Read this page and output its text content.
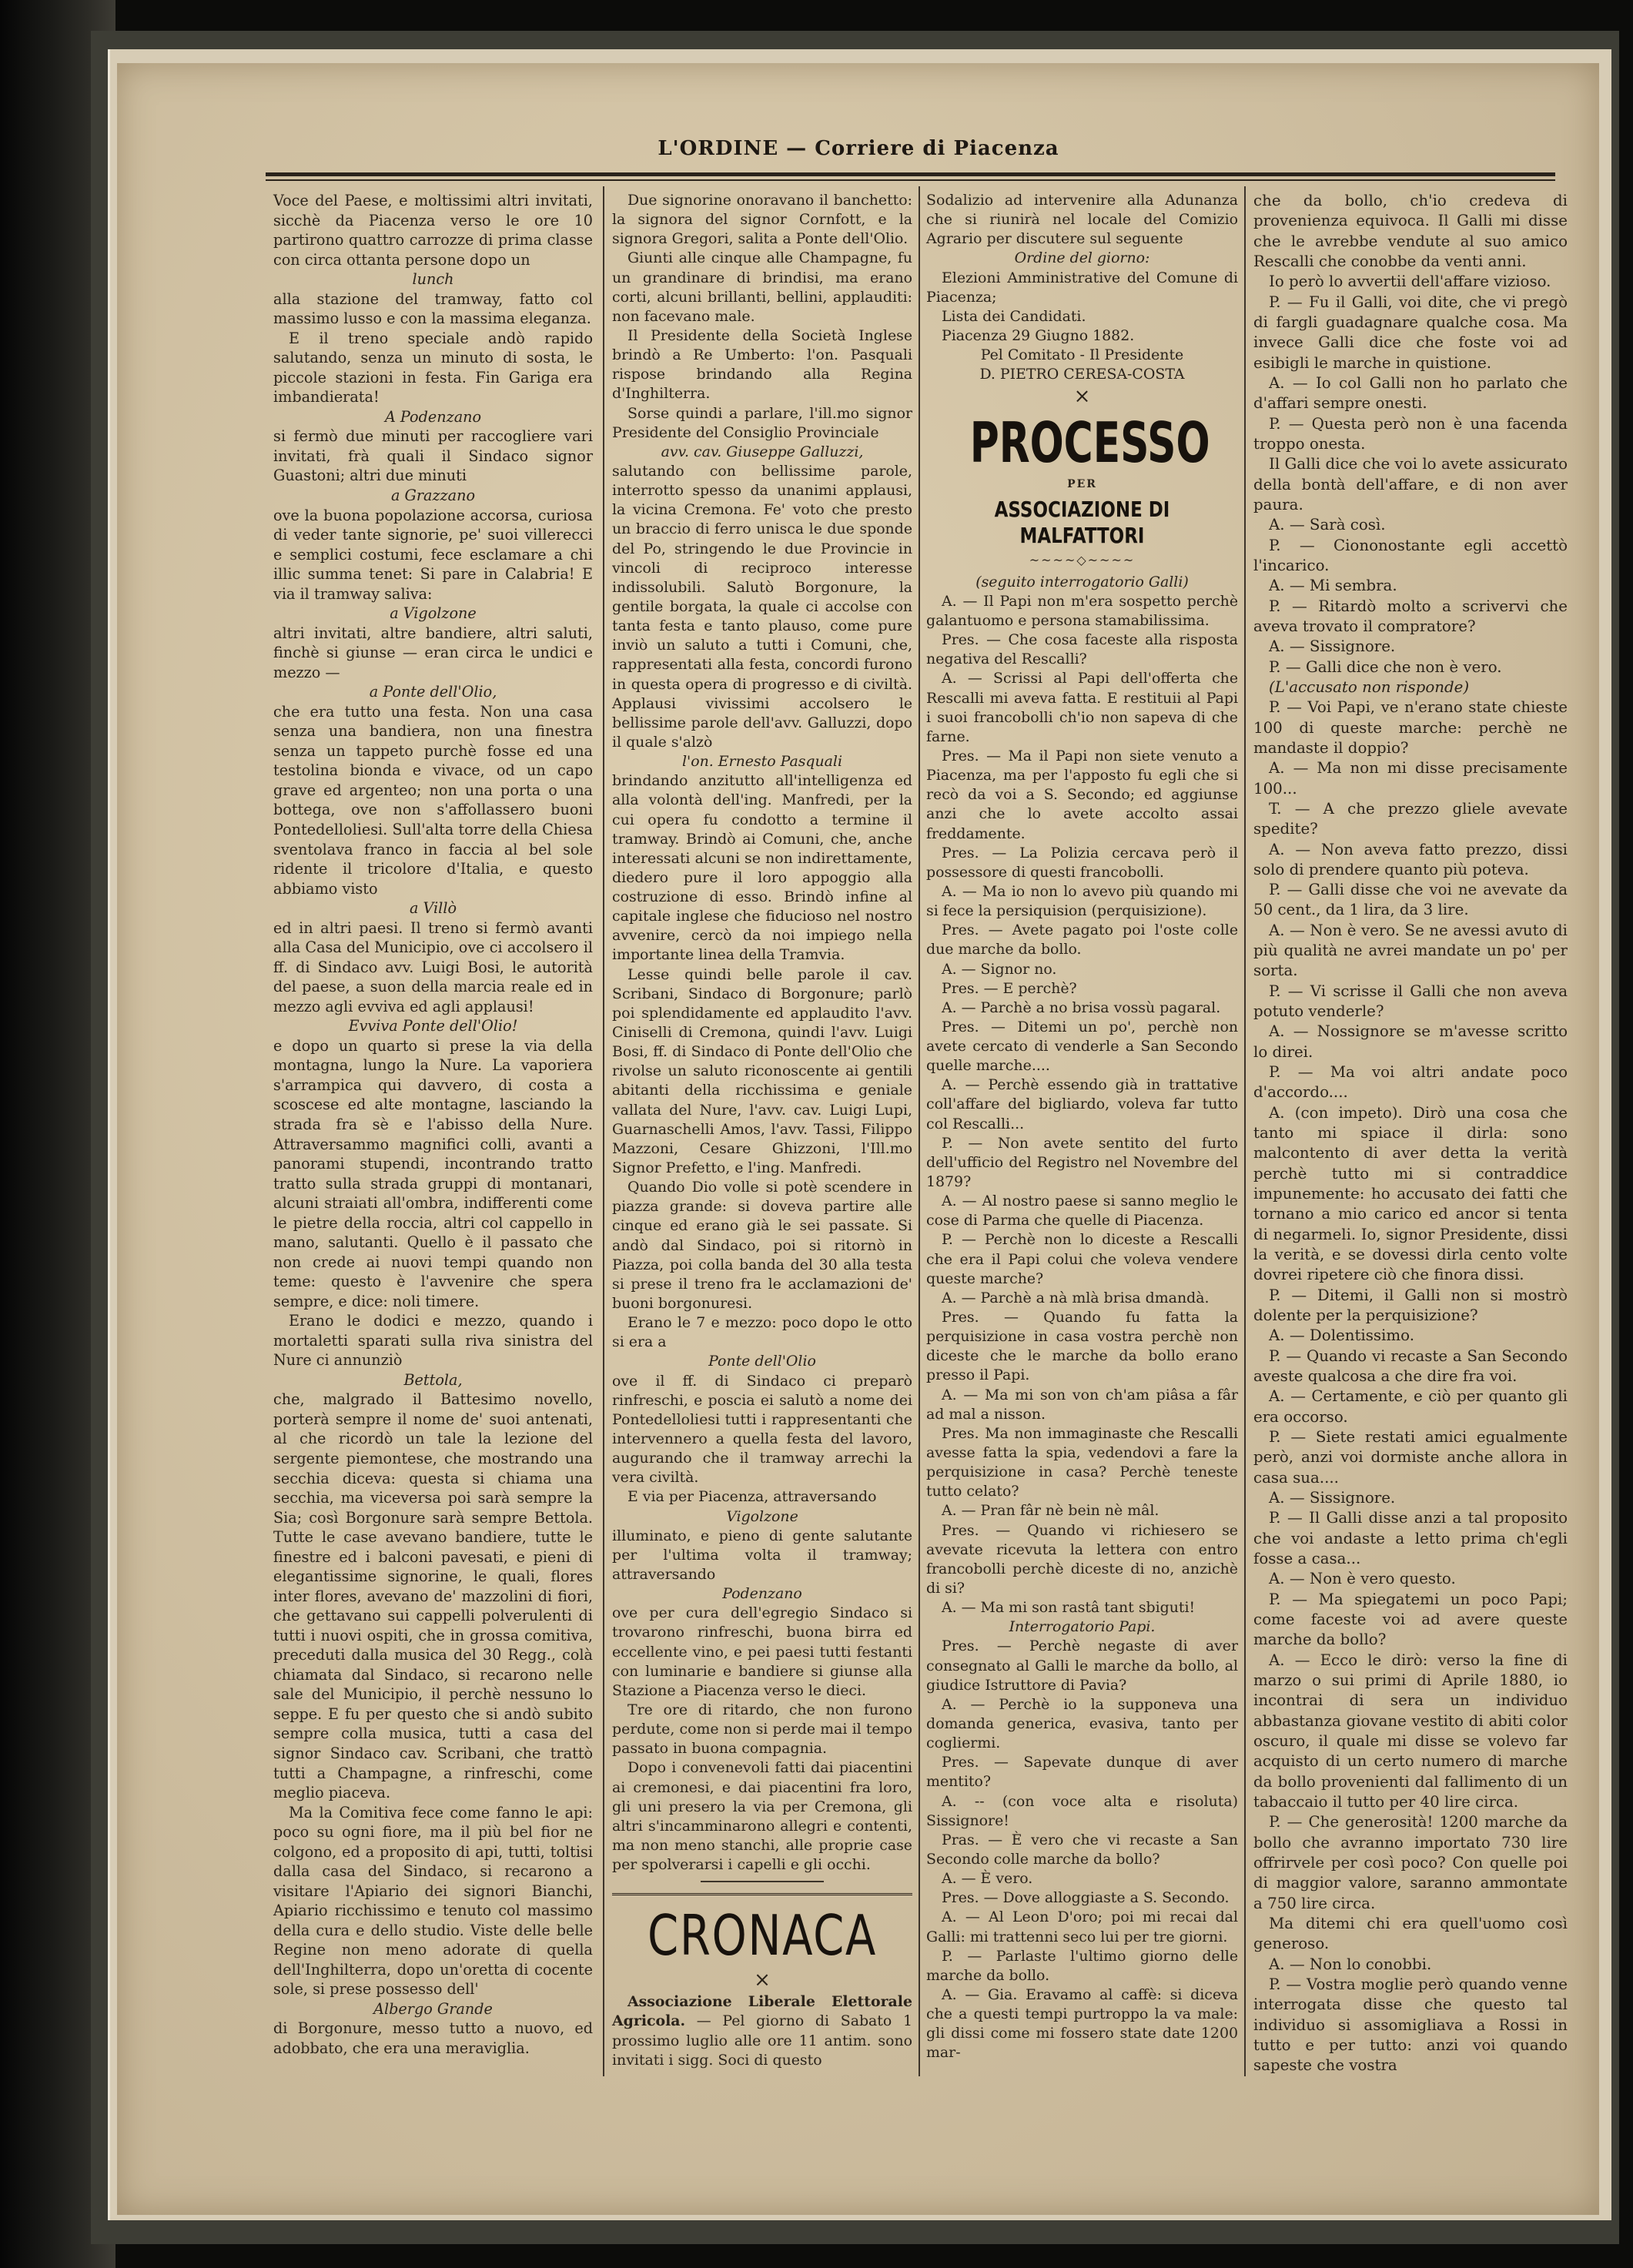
L'ORDINE — Corriere di Piacenza

Voce del Paese, e moltissimi altri invitati, sicchè da Piacenza verso le ore 10 partirono quattro carrozze di prima classe con circa ottanta persone dopo un

lunch

alla stazione del tramway, fatto col massimo lusso e con la massima eleganza.

E il treno speciale andò rapido salutando, senza un minuto di sosta, le piccole stazioni in festa. Fin Gariga era imbandierata!

A Podenzano

si fermò due minuti per raccogliere vari invitati, frà quali il Sindaco signor Guastoni; altri due minuti

a Grazzano

ove la buona popolazione accorsa, curiosa di veder tante signorie, pe' suoi villerecci e semplici costumi, fece esclamare a chi illic summa tenet: Si pare in Calabria! E via il tramway saliva:

a Vigolzone

altri invitati, altre bandiere, altri saluti, finchè si giunse — eran circa le undici e mezzo —

a Ponte dell'Olio,

che era tutto una festa. Non una casa senza una bandiera, non una finestra senza un tappeto purchè fosse ed una testolina bionda e vivace, od un capo grave ed argenteo; non una porta o una bottega, ove non s'affollassero buoni Pontedelloliesi. Sull'alta torre della Chiesa sventolava franco in faccia al bel sole ridente il tricolore d'Italia, e questo abbiamo visto

a Villò

ed in altri paesi. Il treno si fermò avanti alla Casa del Municipio, ove ci accolsero il ff. di Sindaco avv. Luigi Bosi, le autorità del paese, a suon della marcia reale ed in mezzo agli evviva ed agli applausi!

Evviva Ponte dell'Olio!

e dopo un quarto si prese la via della montagna, lungo la Nure. La vaporiera s'arrampica qui davvero, di costa a scoscese ed alte montagne, lasciando la strada fra sè e l'abisso della Nure. Attraversammo magnifici colli, avanti a panorami stupendi, incontrando tratto tratto sulla strada gruppi di montanari, alcuni straiati all'ombra, indifferenti come le pietre della roccia, altri col cappello in mano, salutanti. Quello è il passato che non crede ai nuovi tempi quando non teme: questo è l'avvenire che spera sempre, e dice: noli timere.

Erano le dodici e mezzo, quando i mortaletti sparati sulla riva sinistra del Nure ci annunziò

Bettola,

che, malgrado il Battesimo novello, porterà sempre il nome de' suoi antenati, al che ricordò un tale la lezione del sergente piemontese, che mostrando una secchia diceva: questa si chiama una secchia, ma viceversa poi sarà sempre la Sia; così Borgonure sarà sempre Bettola. Tutte le case avevano bandiere, tutte le finestre ed i balconi pavesati, e pieni di elegantissime signorine, le quali, flores inter flores, avevano de' mazzolini di fiori, che gettavano sui cappelli polverulenti di tutti i nuovi ospiti, che in grossa comitiva, preceduti dalla musica del 30 Regg., colà chiamata dal Sindaco, si recarono nelle sale del Municipio, il perchè nessuno lo seppe. E fu per questo che si andò subito sempre colla musica, tutti a casa del signor Sindaco cav. Scribani, che trattò tutti a Champagne, a rinfreschi, come meglio piaceva.

Ma la Comitiva fece come fanno le api: poco su ogni fiore, ma il più bel fior ne colgono, ed a proposito di api, tutti, toltisi dalla casa del Sindaco, si recarono a visitare l'Apiario dei signori Bianchi, Apiario ricchissimo e tenuto col massimo della cura e dello studio. Viste delle belle Regine non meno adorate di quella dell'Inghilterra, dopo un'oretta di cocente sole, si prese possesso dell'

Albergo Grande

di Borgonure, messo tutto a nuovo, ed adobbato, che era una meraviglia.

Due signorine onoravano il banchetto: la signora del signor Cornfott, e la signora Gregori, salita a Ponte dell'Olio.

Giunti alle cinque alle Champagne, fu un grandinare di brindisi, ma erano corti, alcuni brillanti, bellini, applauditi: non facevano male.

Il Presidente della Società Inglese brindò a Re Umberto: l'on. Pasquali rispose brindando alla Regina d'Inghilterra.

Sorse quindi a parlare, l'ill.mo signor Presidente del Consiglio Provinciale

avv. cav. Giuseppe Galluzzi,

salutando con bellissime parole, interrotto spesso da unanimi applausi, la vicina Cremona. Fe' voto che presto un braccio di ferro unisca le due sponde del Po, stringendo le due Provincie in vincoli di reciproco interesse indissolubili. Salutò Borgonure, la gentile borgata, la quale ci accolse con tanta festa e tanto plauso, come pure inviò un saluto a tutti i Comuni, che, rappresentati alla festa, concordi furono in questa opera di progresso e di civiltà. Applausi vivissimi accolsero le bellissime parole dell'avv. Galluzzi, dopo il quale s'alzò

l'on. Ernesto Pasquali

brindando anzitutto all'intelligenza ed alla volontà dell'ing. Manfredi, per la cui opera fu condotto a termine il tramway. Brindò ai Comuni, che, anche interessati alcuni se non indirettamente, diedero pure il loro appoggio alla costruzione di esso. Brindò infine al capitale inglese che fiducioso nel nostro avvenire, cercò da noi impiego nella importante linea della Tramvia.

Lesse quindi belle parole il cav. Scribani, Sindaco di Borgonure; parlò poi splendidamente ed applaudito l'avv. Ciniselli di Cremona, quindi l'avv. Luigi Bosi, ff. di Sindaco di Ponte dell'Olio che rivolse un saluto riconoscente ai gentili abitanti della ricchissima e geniale vallata del Nure, l'avv. cav. Luigi Lupi, Guarnaschelli Amos, l'avv. Tassi, Filippo Mazzoni, Cesare Ghizzoni, l'Ill.mo Signor Prefetto, e l'ing. Manfredi.

Quando Dio volle si potè scendere in piazza grande: si doveva partire alle cinque ed erano già le sei passate. Si andò dal Sindaco, poi si ritornò in Piazza, poi colla banda del 30 alla testa si prese il treno fra le acclamazioni de' buoni borgonuresi.

Erano le 7 e mezzo: poco dopo le otto si era a

Ponte dell'Olio

ove il ff. di Sindaco ci preparò rinfreschi, e poscia ei salutò a nome dei Pontedelloliesi tutti i rappresentanti che intervennero a quella festa del lavoro, augurando che il tramway arrechi la vera civiltà.

E via per Piacenza, attraversando

Vigolzone

illuminato, e pieno di gente salutante per l'ultima volta il tramway; attraversando

Podenzano

ove per cura dell'egregio Sindaco si trovarono rinfreschi, buona birra ed eccellente vino, e pei paesi tutti festanti con luminarie e bandiere si giunse alla Stazione a Piacenza verso le dieci.

Tre ore di ritardo, che non furono perdute, come non si perde mai il tempo passato in buona compagnia.

Dopo i convenevoli fatti dai piacentini ai cremonesi, e dai piacentini fra loro, gli uni presero la via per Cremona, gli altri s'incamminarono allegri e contenti, ma non meno stanchi, alle proprie case per spolverarsi i capelli e gli occhi.

CRONACA
×

Associazione Liberale Elettorale Agricola. — Pel giorno di Sabato 1 prossimo luglio alle ore 11 antim. sono invitati i sigg. Soci di questo

Sodalizio ad intervenire alla Adunanza che si riunirà nel locale del Comizio Agrario per discutere sul seguente

Ordine del giorno:

Elezioni Amministrative del Comune di Piacenza;

Lista dei Candidati.

Piacenza 29 Giugno 1882.

Pel Comitato - Il Presidente

D. PIETRO CERESA-COSTA

×
PROCESSO
PER
ASSOCIAZIONE DI MALFATTORI
~~~~◇~~~~

(seguito interrogatorio Galli)

A. — Il Papi non m'era sospetto perchè galantuomo e persona stamabilissima.

Pres. — Che cosa faceste alla risposta negativa del Rescalli?

A. — Scrissi al Papi dell'offerta che Rescalli mi aveva fatta. E restituii al Papi i suoi francobolli ch'io non sapeva di che farne.

Pres. — Ma il Papi non siete venuto a Piacenza, ma per l'apposto fu egli che si recò da voi a S. Secondo; ed aggiunse anzi che lo avete accolto assai freddamente.

Pres. — La Polizia cercava però il possessore di questi francobolli.

A. — Ma io non lo avevo più quando mi si fece la persiquision (perquisizione).

Pres. — Avete pagato poi l'oste colle due marche da bollo.

A. — Signor no.

Pres. — E perchè?

A. — Parchè a no brisa vossù pagaral.

Pres. — Ditemi un po', perchè non avete cercato di venderle a San Secondo quelle marche....

A. — Perchè essendo già in trattative coll'affare del bigliardo, voleva far tutto col Rescalli...

P. — Non avete sentito del furto dell'ufficio del Registro nel Novembre del 1879?

A. — Al nostro paese si sanno meglio le cose di Parma che quelle di Piacenza.

P. — Perchè non lo diceste a Rescalli che era il Papi colui che voleva vendere queste marche?

A. — Parchè a nà mlà brisa dmandà.

Pres. — Quando fu fatta la perquisizione in casa vostra perchè non diceste che le marche da bollo erano presso il Papi.

A. — Ma mi son von ch'am piâsa a fâr ad mal a nisson.

Pres. Ma non immaginaste che Rescalli avesse fatta la spia, vedendovi a fare la perquisizione in casa? Perchè teneste tutto celato?

A. — Pran fâr nè bein nè mâl.

Pres. — Quando vi richiesero se avevate ricevuta la lettera con entro francobolli perchè diceste di no, anzichè di si?

A. — Ma mi son rastâ tant sbiguti!

Interrogatorio Papi.

Pres. — Perchè negaste di aver consegnato al Galli le marche da bollo, al giudice Istruttore di Pavia?

A. — Perchè io la supponeva una domanda generica, evasiva, tanto per cogliermi.

Pres. — Sapevate dunque di aver mentito?

A. -- (con voce alta e risoluta) Sissignore!

Pras. — È vero che vi recaste a San Secondo colle marche da bollo?

A. — È vero.

Pres. — Dove alloggiaste a S. Secondo.

A. — Al Leon D'oro; poi mi recai dal Galli: mi trattenni seco lui per tre giorni.

P. — Parlaste l'ultimo giorno delle marche da bollo.

A. — Gia. Eravamo al caffè: si diceva che a questi tempi purtroppo la va male: gli dissi come mi fossero state date 1200 mar-

che da bollo, ch'io credeva di provenienza equivoca. Il Galli mi disse che le avrebbe vendute al suo amico Rescalli che conobbe da venti anni.

Io però lo avvertii dell'affare vizioso.

P. — Fu il Galli, voi dite, che vi pregò di fargli guadagnare qualche cosa. Ma invece Galli dice che foste voi ad esibigli le marche in quistione.

A. — Io col Galli non ho parlato che d'affari sempre onesti.

P. — Questa però non è una facenda troppo onesta.

Il Galli dice che voi lo avete assicurato della bontà dell'affare, e di non aver paura.

A. — Sarà così.

P. — Ciononostante egli accettò l'incarico.

A. — Mi sembra.

P. — Ritardò molto a scrivervi che aveva trovato il compratore?

A. — Sissignore.

P. — Galli dice che non è vero.

(L'accusato non risponde)

P. — Voi Papi, ve n'erano state chieste 100 di queste marche: perchè ne mandaste il doppio?

A. — Ma non mi disse precisamente 100...

T. — A che prezzo gliele avevate spedite?

A. — Non aveva fatto prezzo, dissi solo di prendere quanto più poteva.

P. — Galli disse che voi ne avevate da 50 cent., da 1 lira, da 3 lire.

A. — Non è vero. Se ne avessi avuto di più qualità ne avrei mandate un po' per sorta.

P. — Vi scrisse il Galli che non aveva potuto venderle?

A. — Nossignore se m'avesse scritto lo direi.

P. — Ma voi altri andate poco d'accordo....

A. (con impeto). Dirò una cosa che tanto mi spiace il dirla: sono malcontento di aver detta la verità perchè tutto mi si contraddice impunemente: ho accusato dei fatti che tornano a mio carico ed ancor si tenta di negarmeli. Io, signor Presidente, dissi la verità, e se dovessi dirla cento volte dovrei ripetere ciò che finora dissi.

P. — Ditemi, il Galli non si mostrò dolente per la perquisizione?

A. — Dolentissimo.

P. — Quando vi recaste a San Secondo aveste qualcosa a che dire fra voi.

A. — Certamente, e ciò per quanto gli era occorso.

P. — Siete restati amici egualmente però, anzi voi dormiste anche allora in casa sua....

A. — Sissignore.

P. — Il Galli disse anzi a tal proposito che voi andaste a letto prima ch'egli fosse a casa...

A. — Non è vero questo.

P. — Ma spiegatemi un poco Papi; come faceste voi ad avere queste marche da bollo?

A. — Ecco le dirò: verso la fine di marzo o sui primi di Aprile 1880, io incontrai di sera un individuo abbastanza giovane vestito di abiti color oscuro, il quale mi disse se volevo far acquisto di un certo numero di marche da bollo provenienti dal fallimento di un tabaccaio il tutto per 40 lire circa.

P. — Che generosità! 1200 marche da bollo che avranno importato 730 lire offrirvele per così poco? Con quelle poi di maggior valore, saranno ammontate a 750 lire circa.

Ma ditemi chi era quell'uomo così generoso.

A. — Non lo conobbi.

P. — Vostra moglie però quando venne interrogata disse che questo tal individuo si assomigliava a Rossi in tutto e per tutto: anzi voi quando sapeste che vostra
